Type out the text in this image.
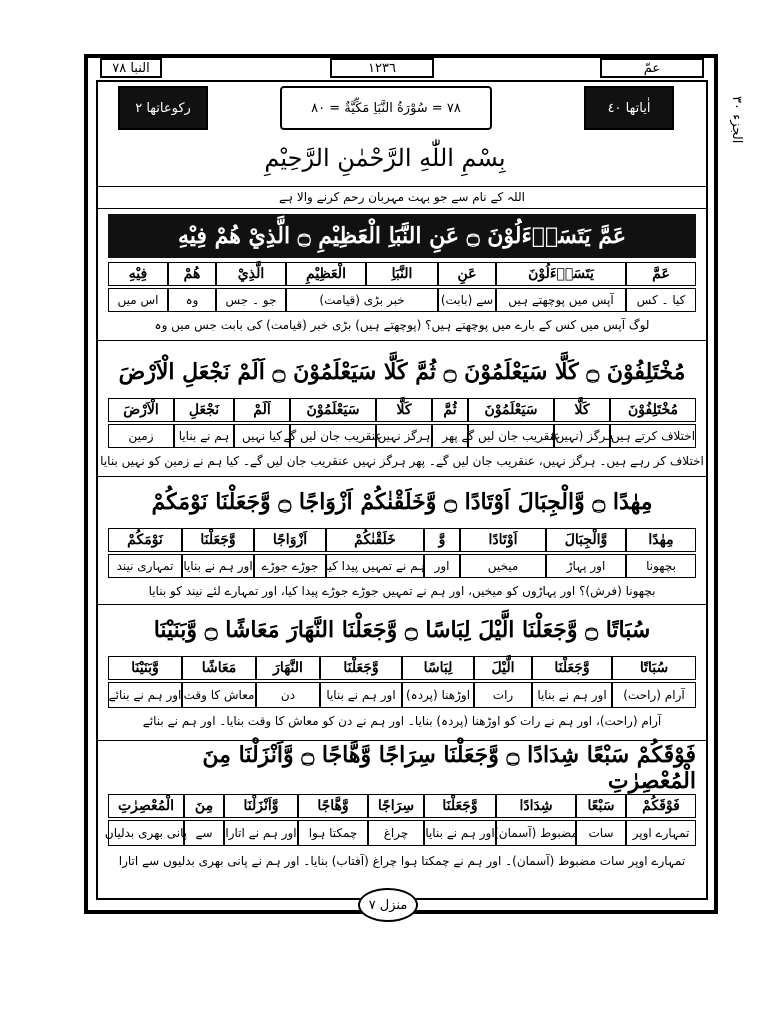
عمّ
١٢٣٦
النبا ٧٨
الجزء ٣٠
اٰياتها ٤٠
٧٨ = سُوْرَةُ النَّبَاِ مَكِّيَّةٌ = ٨٠
رکوعاتها ٢
بِسْمِ اللّٰهِ الرَّحْمٰنِ الرَّحِيْمِ
اللہ کے نام سے جو بہت مہربان رحم کرنے والا ہے
عَمَّ يَتَسَاۗءَلُوْنَ ۝ عَنِ النَّبَاِ الْعَظِيْمِ ۝ الَّذِيْ هُمْ فِيْهِ
عَمَّ
يَتَسَاۗءَلُوْنَ
عَنِ
النَّبَاِ
الْعَظِيْمِ
الَّذِيْ
هُمْ
فِيْهِ
کیا ۔ کس
آپس میں پوچھتے ہیں
سے (بابت)
خبر بڑی (قیامت)
جو ۔ جس
وہ
اس میں
لوگ آپس میں کس کے بارے میں پوچھتے ہیں؟ (پوچھتے ہیں) بڑی خبر (قیامت) کی بابت جس میں وہ
مُخْتَلِفُوْنَ ۝ كَلَّا سَيَعْلَمُوْنَ ۝ ثُمَّ كَلَّا سَيَعْلَمُوْنَ ۝ اَلَمْ نَجْعَلِ الْاَرْضَ
مُخْتَلِفُوْنَ
كَلَّا
سَيَعْلَمُوْنَ
ثُمَّ
كَلَّا
سَيَعْلَمُوْنَ
اَلَمْ
نَجْعَلِ
الْاَرْضَ
اختلاف کرتے ہیں
ہرگز (نہیں)
عنقریب جان لیں گے
پھر
ہرگز نہیں
عنقریب جان لیں گے
کیا نہیں
ہم نے بنایا
زمین
اختلاف کر رہے ہیں۔ ہرگز نہیں، عنقریب جان لیں گے۔ پھر ہرگز نہیں عنقریب جان لیں گے۔ کیا ہم نے زمین کو نہیں بنایا
مِهٰدًا ۝ وَّالْجِبَالَ اَوْتَادًا ۝ وَّخَلَقْنٰكُمْ اَزْوَاجًا ۝ وَّجَعَلْنَا نَوْمَكُمْ
مِهٰدًا
وَّالْجِبَالَ
اَوْتَادًا
وَّ
خَلَقْنٰكُمْ
اَزْوَاجًا
وَّجَعَلْنَا
نَوْمَكُمْ
بچھونا
اور پہاڑ
میخیں
اور
ہم نے تمہیں پیدا کیا
جوڑے جوڑے
اور ہم نے بنایا
تمہاری نیند
بچھونا (فرش)؟ اور پہاڑوں کو میخیں، اور ہم نے تمہیں جوڑے جوڑے پیدا کیا، اور تمہارے لئے نیند کو بنایا
سُبَاتًا ۝ وَّجَعَلْنَا الَّيْلَ لِبَاسًا ۝ وَّجَعَلْنَا النَّهَارَ مَعَاشًا ۝ وَّبَنَيْنَا
سُبَاتًا
وَّجَعَلْنَا
الَّيْلَ
لِبَاسًا
وَّجَعَلْنَا
النَّهَارَ
مَعَاشًا
وَّبَنَيْنَا
آرام (راحت)
اور ہم نے بنایا
رات
اوڑھنا (پردہ)
اور ہم نے بنایا
دن
معاش کا وقت
اور ہم نے بنائے
آرام (راحت)، اور ہم نے رات کو اوڑھنا (پردہ) بنایا۔ اور ہم نے دن کو معاش کا وقت بنایا۔ اور ہم نے بنائے
فَوْقَكُمْ سَبْعًا شِدَادًا ۝ وَّجَعَلْنَا سِرَاجًا وَّهَّاجًا ۝ وَّاَنْزَلْنَا مِنَ الْمُعْصِرٰتِ
فَوْقَكُمْ
سَبْعًا
شِدَادًا
وَّجَعَلْنَا
سِرَاجًا
وَّهَّاجًا
وَّاَنْزَلْنَا
مِنَ
الْمُعْصِرٰتِ
تمہارے اوپر
سات
مضبوط (آسمان)
اور ہم نے بنایا
چراغ
چمکتا ہوا
اور ہم نے اتارا
سے
پانی بھری بدلیاں
تمہارے اوپر سات مضبوط (آسمان)۔ اور ہم نے چمکتا ہوا چراغ (آفتاب) بنایا۔ اور ہم نے پانی بھری بدلیوں سے اتارا
منزل ٧
